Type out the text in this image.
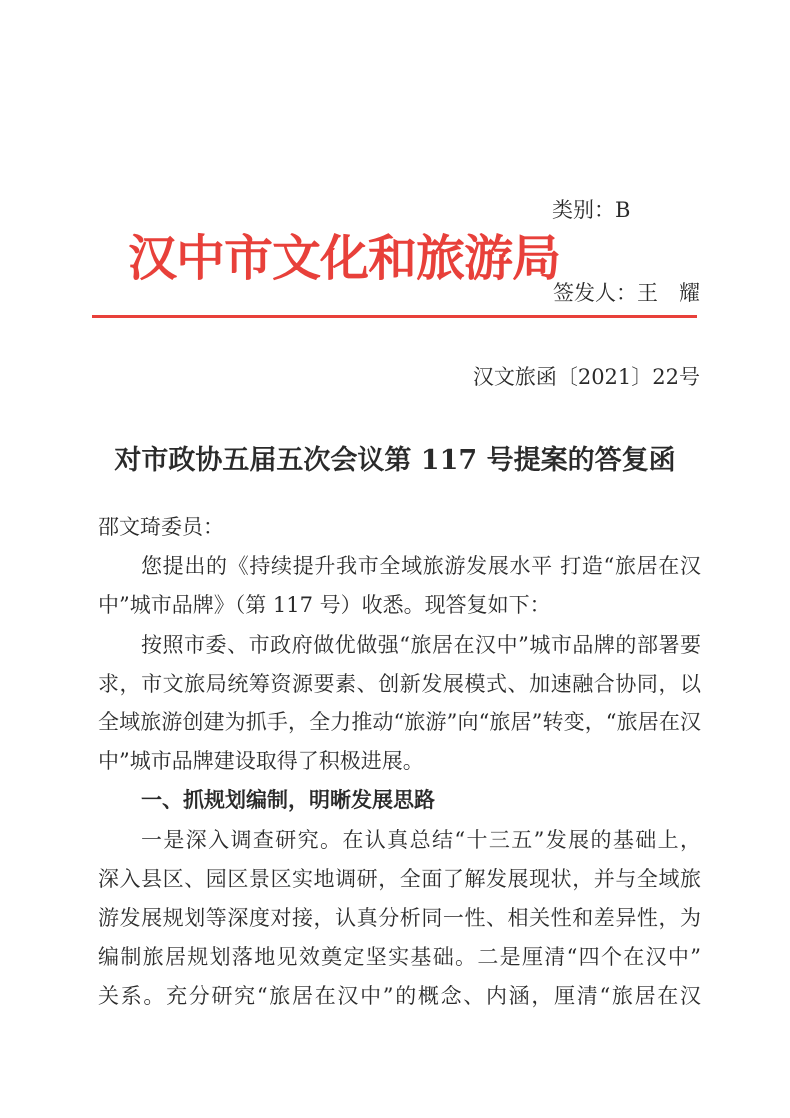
类别：B
汉中市文化和旅游局
签发人：王　耀
汉文旅函〔2021〕22号
对市政协五届五次会议第 117 号提案的答复函
邵文琦委员：
您提出的《持续提升我市全域旅游发展水平 打造“旅居在汉
中”城市品牌》（第 117 号）收悉。现答复如下：
按照市委、市政府做优做强“旅居在汉中”城市品牌的部署要
求，市文旅局统筹资源要素、创新发展模式、加速融合协同，以
全域旅游创建为抓手，全力推动“旅游”向“旅居”转变，“旅居在汉
中”城市品牌建设取得了积极进展。
一、抓规划编制，明晰发展思路
一是深入调查研究。在认真总结“十三五”发展的基础上，
深入县区、园区景区实地调研，全面了解发展现状，并与全域旅
游发展规划等深度对接，认真分析同一性、相关性和差异性，为
编制旅居规划落地见效奠定坚实基础。二是厘清“四个在汉中”
关系。充分研究“旅居在汉中”的概念、内涵，厘清“旅居在汉
